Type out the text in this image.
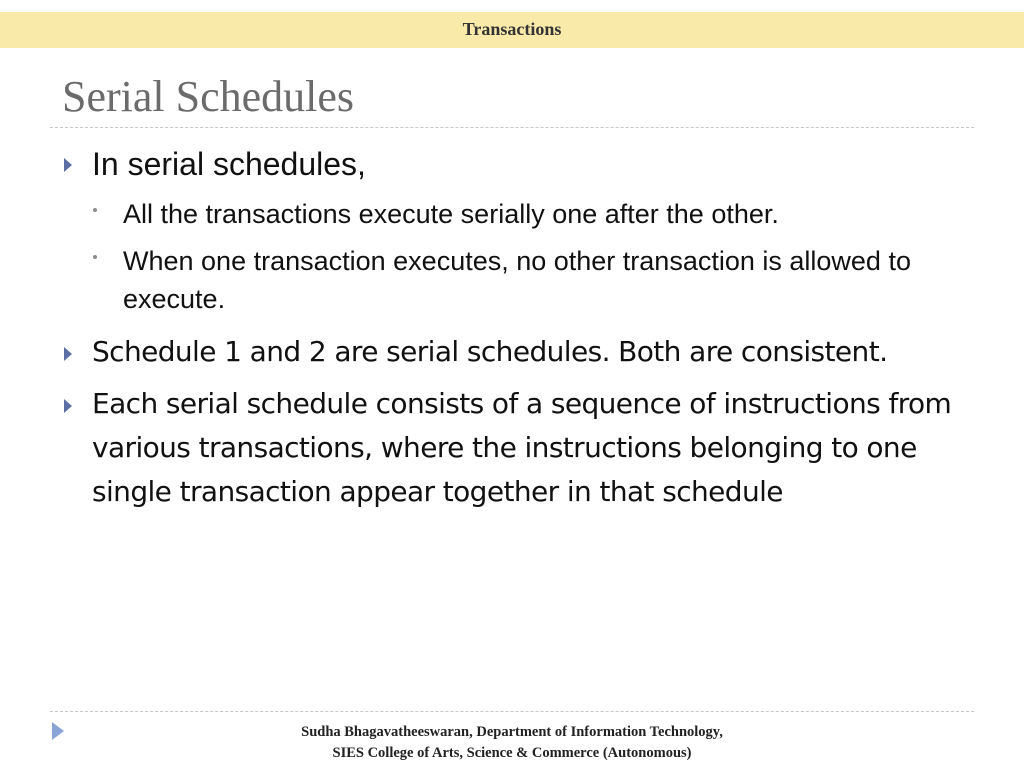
Transactions
Serial Schedules
In serial schedules,
All the transactions execute serially one after the other.
When one transaction executes, no other transaction is allowed to execute.
Schedule 1 and 2 are serial schedules. Both are consistent.
Each serial schedule consists of a sequence of instructions from various transactions, where the instructions belonging to one single transaction appear together in that schedule
Sudha Bhagavatheeswaran, Department of Information Technology,
SIES College of Arts, Science & Commerce (Autonomous)
